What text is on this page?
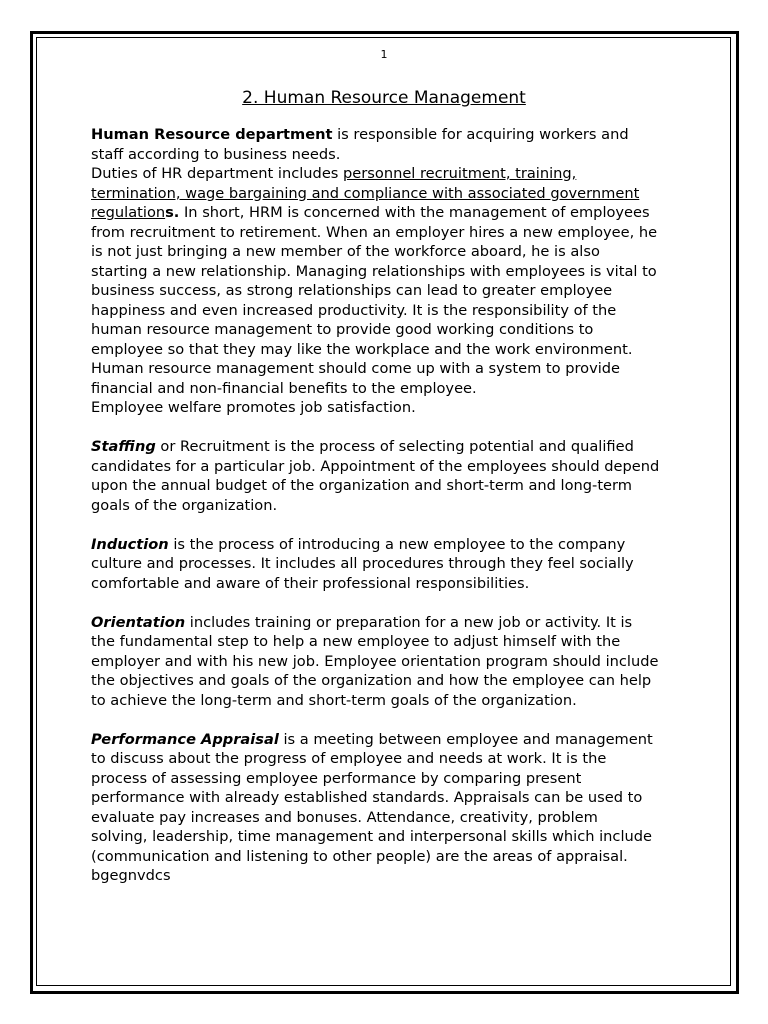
1
2. Human Resource Management
Human Resource department is responsible for acquiring workers and
staff according to business needs.
Duties of HR department includes personnel recruitment, training,
termination, wage bargaining and compliance with associated government
regulations. In short, HRM is concerned with the management of employees
from recruitment to retirement. When an employer hires a new employee, he
is not just bringing a new member of the workforce aboard, he is also
starting a new relationship. Managing relationships with employees is vital to
business success, as strong relationships can lead to greater employee
happiness and even increased productivity. It is the responsibility of the
human resource management to provide good working conditions to
employee so that they may like the workplace and the work environment.
Human resource management should come up with a system to provide
financial and non-financial benefits to the employee.
Employee welfare promotes job satisfaction.
Staffing or Recruitment is the process of selecting potential and qualified
candidates for a particular job. Appointment of the employees should depend
upon the annual budget of the organization and short-term and long-term
goals of the organization.
Induction is the process of introducing a new employee to the company
culture and processes. It includes all procedures through they feel socially
comfortable and aware of their professional responsibilities.
Orientation includes training or preparation for a new job or activity. It is
the fundamental step to help a new employee to adjust himself with the
employer and with his new job. Employee orientation program should include
the objectives and goals of the organization and how the employee can help
to achieve the long-term and short-term goals of the organization.
Performance Appraisal is a meeting between employee and management
to discuss about the progress of employee and needs at work. It is the
process of assessing employee performance by comparing present
performance with already established standards. Appraisals can be used to
evaluate pay increases and bonuses. Attendance, creativity, problem
solving, leadership, time management and interpersonal skills which include
(communication and listening to other people) are the areas of appraisal.
bgegnvdcs
